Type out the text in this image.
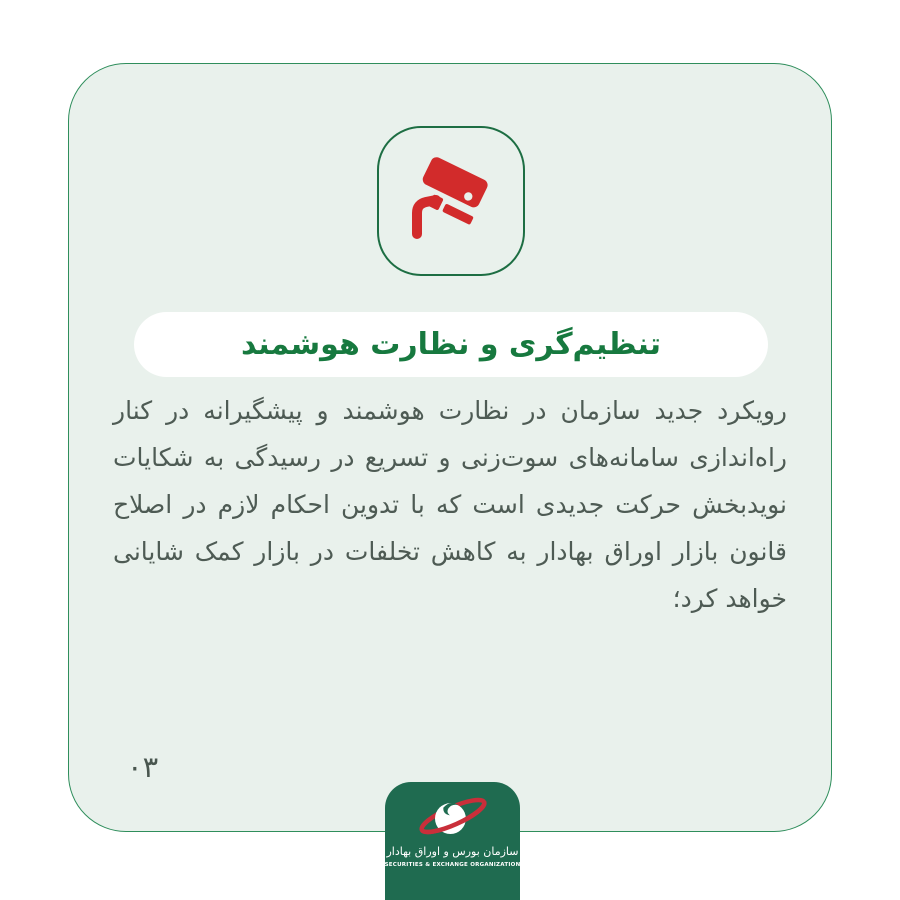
تنظیم‌گری و نظارت هوشمند

رویکرد جدید سازمان در نظارت هوشمند و پیشگیرانه در کنار راه‌اندازی سامانه‌های سوت‌زنی و تسریع در رسیدگی به شکایات نویدبخش حرکت جدیدی است که با تدوین احکام لازم در اصلاح قانون بازار اوراق بهادار به کاهش تخلفات در بازار کمک شایانی خواهد کرد؛

۰۳
سازمان بورس و اوراق بهادار
SECURITIES & EXCHANGE ORGANIZATION
